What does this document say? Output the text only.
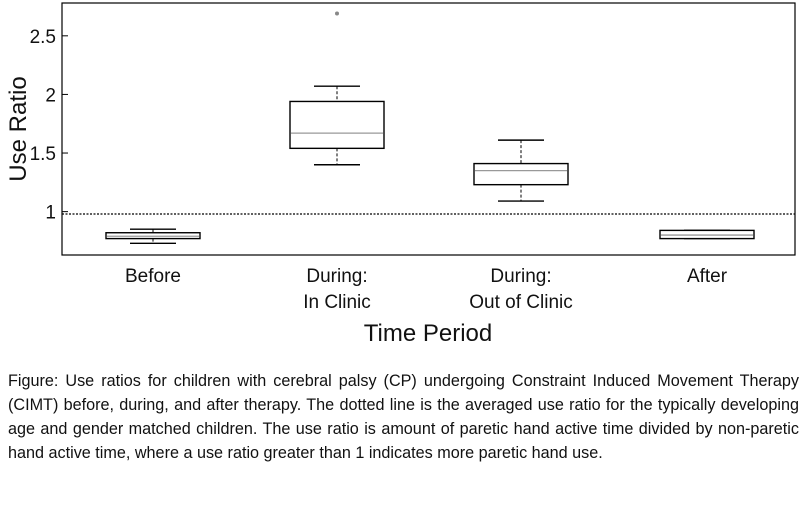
1
1.5
2
2.5
Before	During:
In Clinic
During:
Out of Clinic
After
Use Ratio
Time Period

Figure: Use ratios for children with cerebral palsy (CP) undergoing Constraint Induced Movement Therapy (CIMT) before, during, and after therapy. The dotted line is the averaged use ratio for the typically developing age and gender matched children. The use ratio is amount of paretic hand active time divided by non-paretic hand active time, where a use ratio greater than 1 indicates more paretic hand use.
